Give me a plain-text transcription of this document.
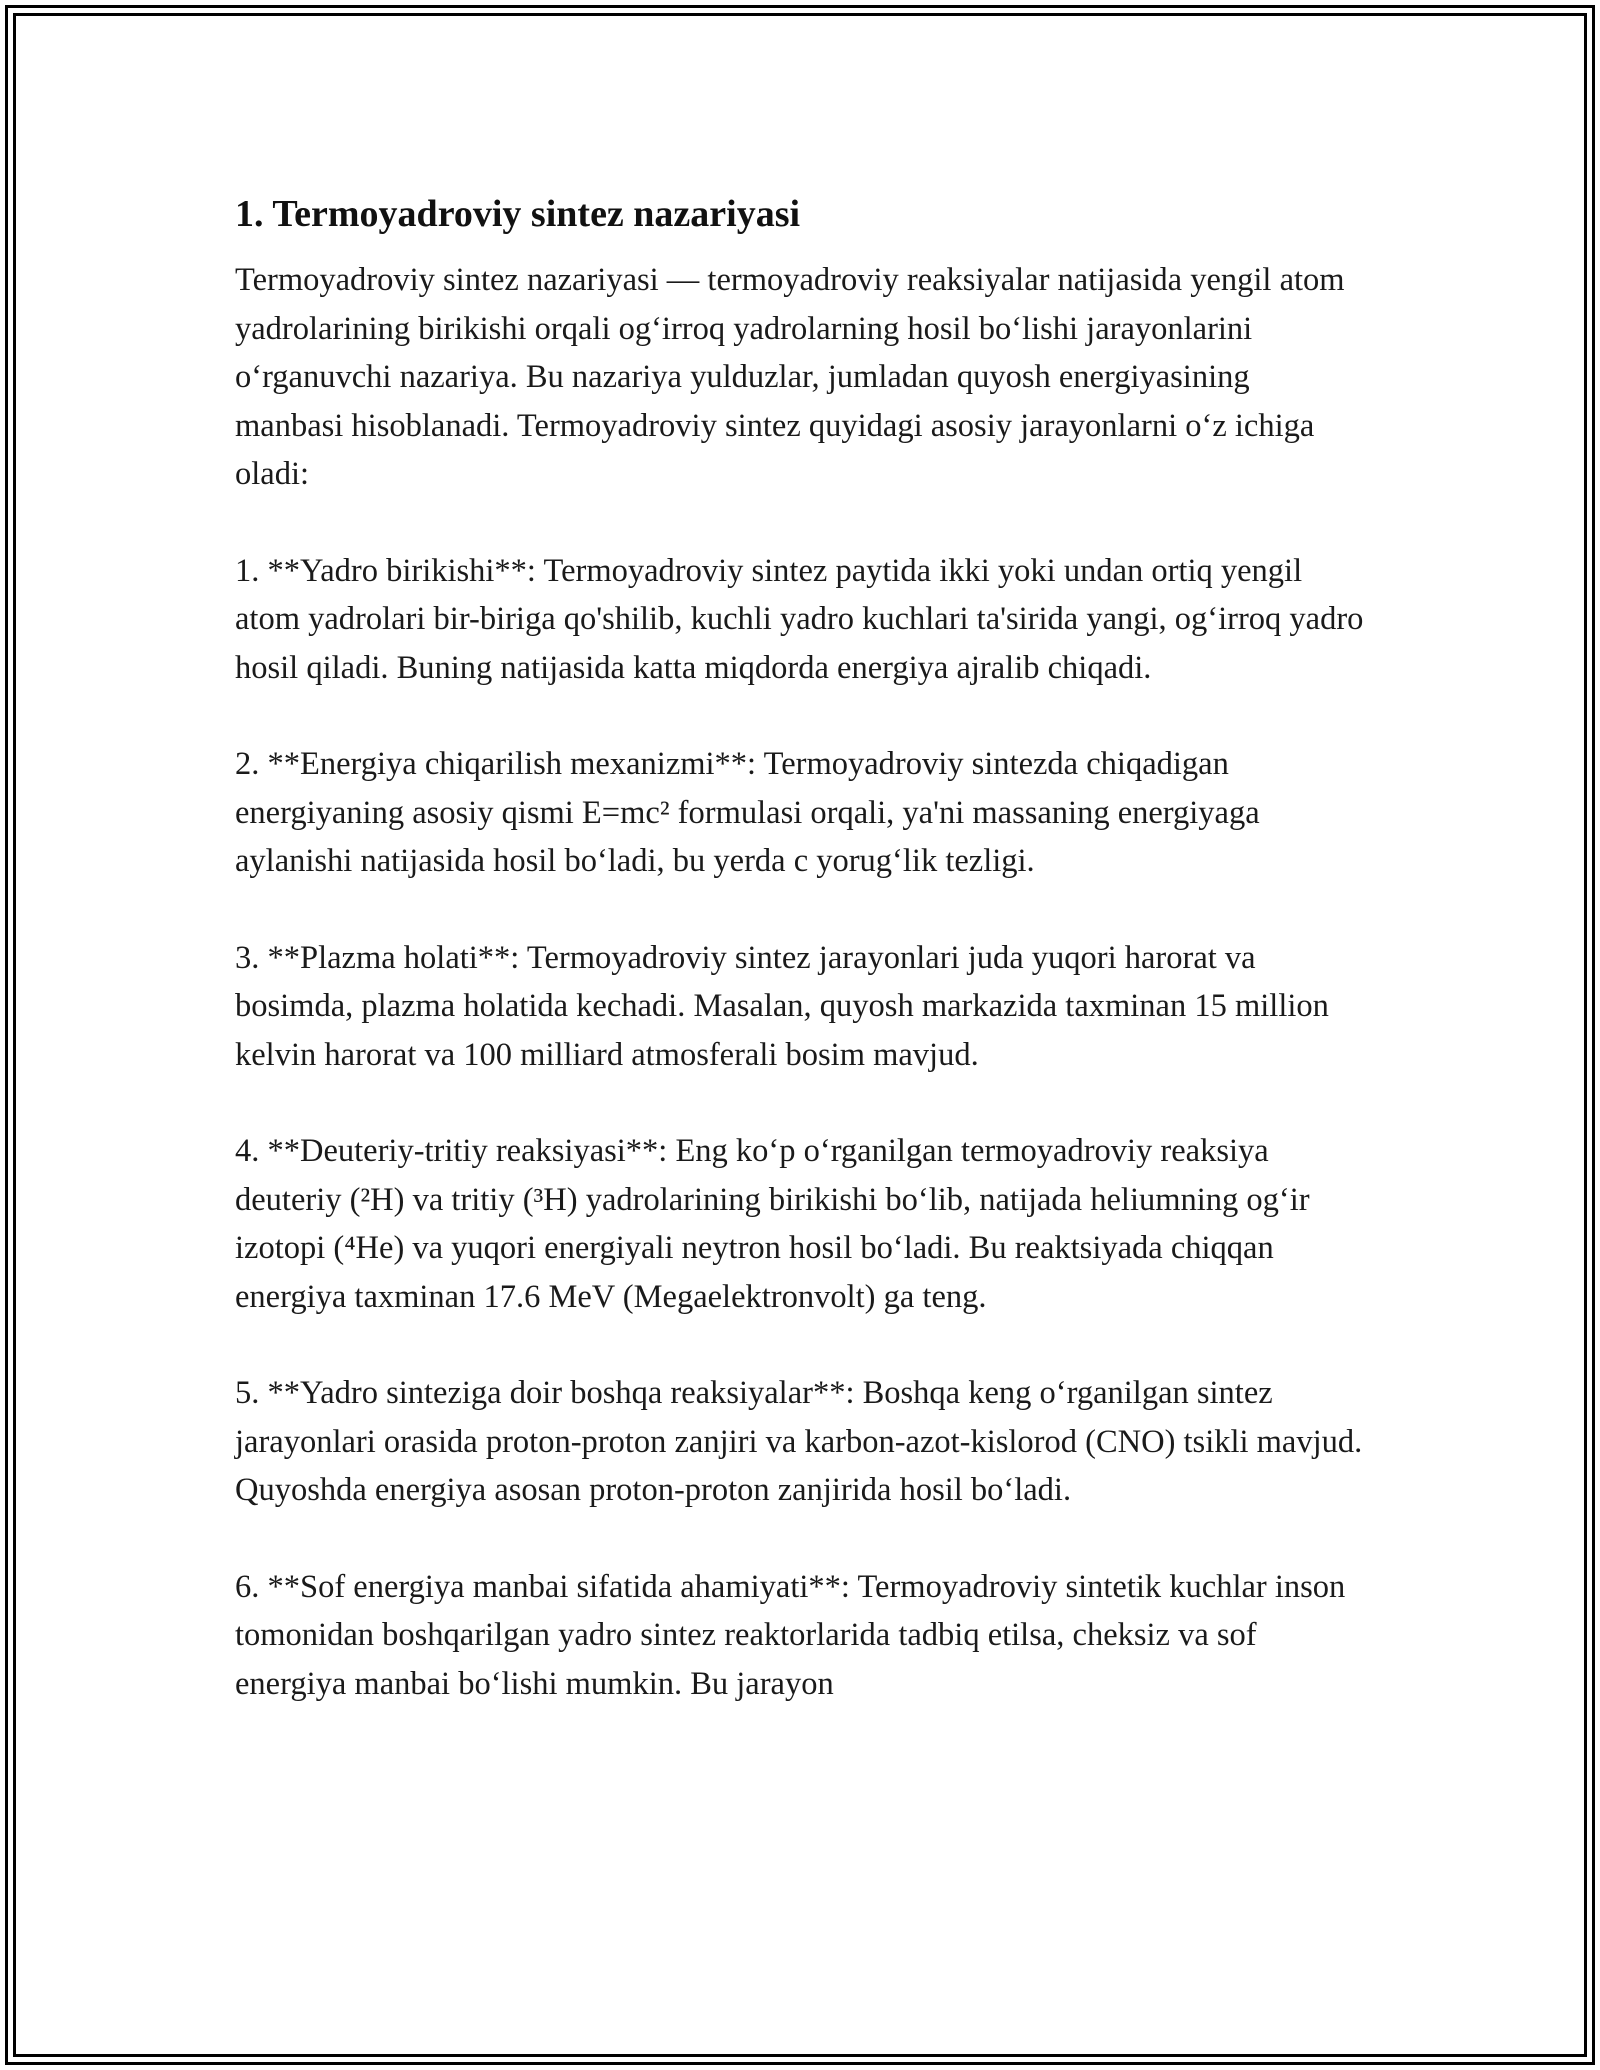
1. Termoyadroviy sintez nazariyasi

Termoyadroviy sintez nazariyasi — termoyadroviy reaksiyalar natijasida yengil atom yadrolarining birikishi orqali ogʻirroq yadrolarning hosil boʻlishi jarayonlarini oʻrganuvchi nazariya. Bu nazariya yulduzlar, jumladan quyosh energiyasining manbasi hisoblanadi. Termoyadroviy sintez quyidagi asosiy jarayonlarni oʻz ichiga oladi:

1. **Yadro birikishi**: Termoyadroviy sintez paytida ikki yoki undan ortiq yengil atom yadrolari bir-biriga qo'shilib, kuchli yadro kuchlari ta'sirida yangi, ogʻirroq yadro hosil qiladi. Buning natijasida katta miqdorda energiya ajralib chiqadi.

2. **Energiya chiqarilish mexanizmi**: Termoyadroviy sintezda chiqadigan energiyaning asosiy qismi E=mc² formulasi orqali, ya'ni massaning energiyaga aylanishi natijasida hosil boʻladi, bu yerda c yorugʻlik tezligi.

3. **Plazma holati**: Termoyadroviy sintez jarayonlari juda yuqori harorat va bosimda, plazma holatida kechadi. Masalan, quyosh markazida taxminan 15 million kelvin harorat va 100 milliard atmosferali bosim mavjud.

4. **Deuteriy-tritiy reaksiyasi**: Eng koʻp oʻrganilgan termoyadroviy reaksiya deuteriy (²H) va tritiy (³H) yadrolarining birikishi boʻlib, natijada heliumning ogʻir izotopi (⁴He) va yuqori energiyali neytron hosil boʻladi. Bu reaktsiyada chiqqan energiya taxminan 17.6 MeV (Megaelektronvolt) ga teng.

5. **Yadro sinteziga doir boshqa reaksiyalar**: Boshqa keng oʻrganilgan sintez jarayonlari orasida proton-proton zanjiri va karbon-azot-kislorod (CNO) tsikli mavjud. Quyoshda energiya asosan proton-proton zanjirida hosil boʻladi.

6. **Sof energiya manbai sifatida ahamiyati**: Termoyadroviy sintetik kuchlar inson tomonidan boshqarilgan yadro sintez reaktorlarida tadbiq etilsa, cheksiz va sof energiya manbai boʻlishi mumkin. Bu jarayon
